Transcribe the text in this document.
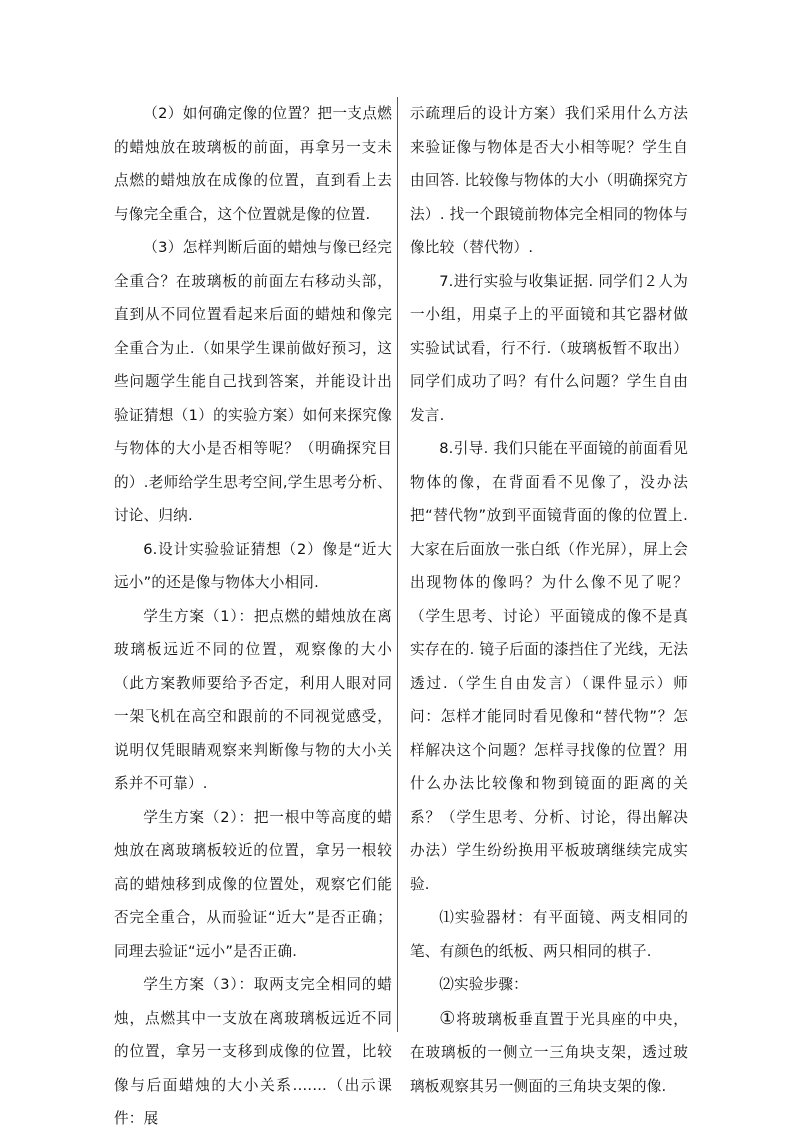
（2）如何确定像的位置？把一支点燃的蜡烛放在玻璃板的前面，再拿另一支未点燃的蜡烛放在成像的位置，直到看上去与像完全重合，这个位置就是像的位置.

（3）怎样判断后面的蜡烛与像已经完全重合？在玻璃板的前面左右移动头部，直到从不同位置看起来后面的蜡烛和像完全重合为止.（如果学生课前做好预习，这些问题学生能自己找到答案，并能设计出验证猜想（1）的实验方案）如何来探究像与物体的大小是否相等呢？（明确探究目的）.老师给学生思考空间,学生思考分析、讨论、归纳.

6.设计实验验证猜想（2）像是“近大远小”的还是像与物体大小相同.

学生方案（1）：把点燃的蜡烛放在离玻璃板远近不同的位置，观察像的大小（此方案教师要给予否定，利用人眼对同一架飞机在高空和跟前的不同视觉感受，说明仅凭眼睛观察来判断像与物的大小关系并不可靠）.

学生方案（2）：把一根中等高度的蜡烛放在离玻璃板较近的位置，拿另一根较高的蜡烛移到成像的位置处，观察它们能否完全重合，从而验证“近大”是否正确；同理去验证“远小”是否正确.

学生方案（3）：取两支完全相同的蜡烛，点燃其中一支放在离玻璃板远近不同的位置，拿另一支移到成像的位置，比较像与后面蜡烛的大小关系.……（出示课件：展

示疏理后的设计方案）我们采用什么方法来验证像与物体是否大小相等呢？学生自由回答. 比较像与物体的大小（明确探究方法）. 找一个跟镜前物体完全相同的物体与像比较（替代物）.

7.进行实验与收集证据. 同学们２人为一小组，用桌子上的平面镜和其它器材做实验试试看，行不行.（玻璃板暂不取出）同学们成功了吗？有什么问题？学生自由发言.

8.引导. 我们只能在平面镜的前面看见物体的像，在背面看不见像了，没办法把“替代物”放到平面镜背面的像的位置上.大家在后面放一张白纸（作光屏），屏上会出现物体的像吗？为什么像不见了呢？（学生思考、讨论）平面镜成的像不是真实存在的. 镜子后面的漆挡住了光线，无法透过.（学生自由发言）（课件显示）师问：怎样才能同时看见像和“替代物”？怎样解决这个问题？怎样寻找像的位置？用什么办法比较像和物到镜面的距离的关系？（学生思考、分析、讨论，得出解决办法）学生纷纷换用平板玻璃继续完成实验.

⑴实验器材：有平面镜、两支相同的笔、有颜色的纸板、两只相同的棋子.

⑵实验步骤：

①将玻璃板垂直置于光具座的中央，在玻璃板的一侧立一三角块支架，透过玻璃板观察其另一侧面的三角块支架的像.
